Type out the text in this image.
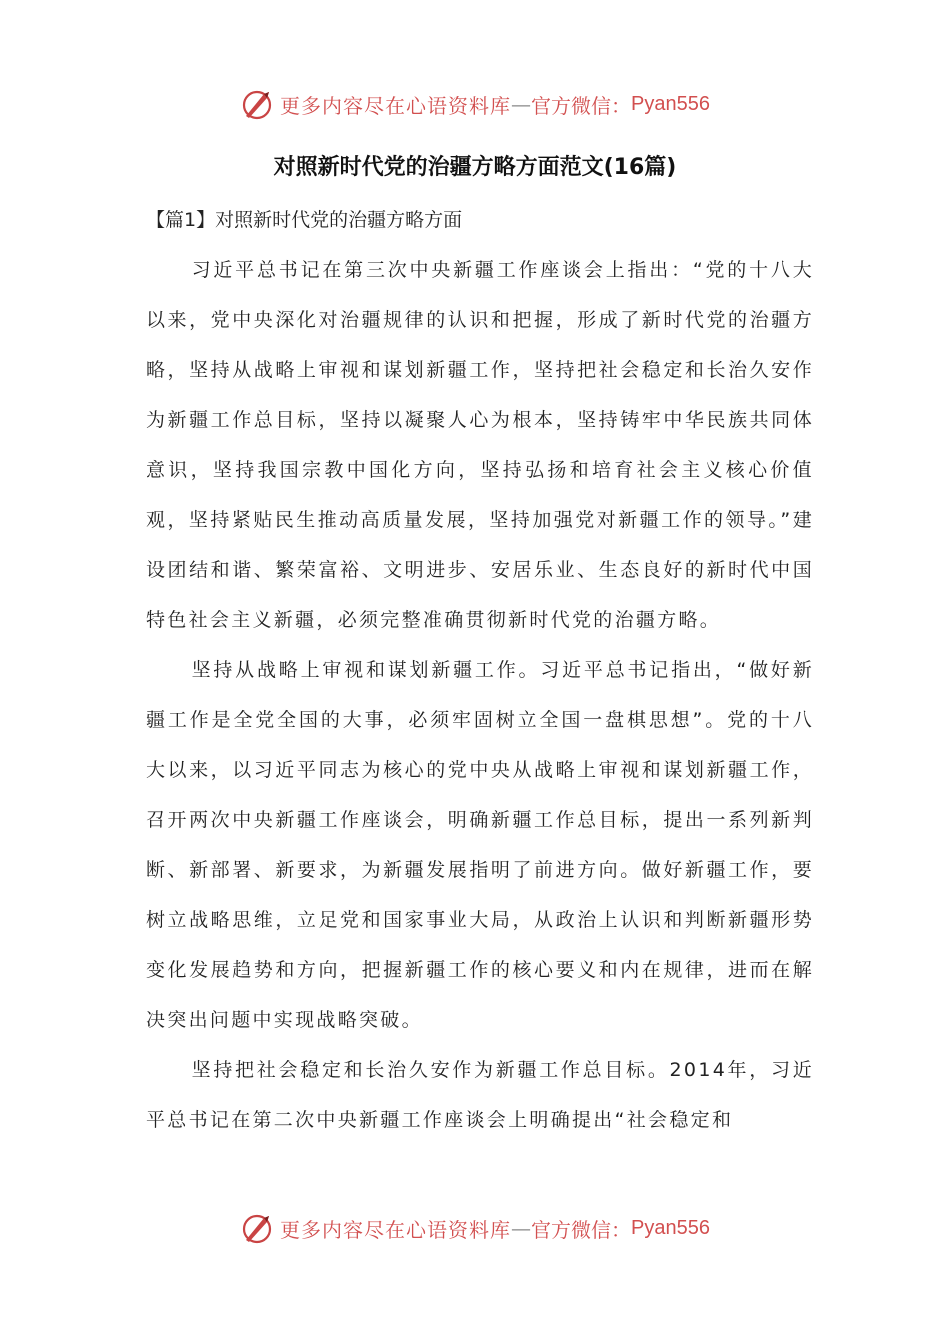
更多内容尽在心语资料库 — 官方微信： Pyan556
对照新时代党的治疆方略方面范文(16篇)
【篇1】对照新时代党的治疆方略方面

习近平总书记在第三次中央新疆工作座谈会上指出：“党的十八大以来，党中央深化对治疆规律的认识和把握，形成了新时代党的治疆方略，坚持从战略上审视和谋划新疆工作，坚持把社会稳定和长治久安作为新疆工作总目标，坚持以凝聚人心为根本，坚持铸牢中华民族共同体意识，坚持我国宗教中国化方向，坚持弘扬和培育社会主义核心价值观，坚持紧贴民生推动高质量发展，坚持加强党对新疆工作的领导。”建设团结和谐、繁荣富裕、文明进步、安居乐业、生态良好的新时代中国特色社会主义新疆，必须完整准确贯彻新时代党的治疆方略。

坚持从战略上审视和谋划新疆工作。习近平总书记指出，“做好新疆工作是全党全国的大事，必须牢固树立全国一盘棋思想”。党的十八大以来，以习近平同志为核心的党中央从战略上审视和谋划新疆工作，召开两次中央新疆工作座谈会，明确新疆工作总目标，提出一系列新判断、新部署、新要求，为新疆发展指明了前进方向。做好新疆工作，要树立战略思维，立足党和国家事业大局，从政治上认识和判断新疆形势变化发展趋势和方向，把握新疆工作的核心要义和内在规律，进而在解决突出问题中实现战略突破。

坚持把社会稳定和长治久安作为新疆工作总目标。2014年，习近平总书记在第二次中央新疆工作座谈会上明确提出“社会稳定和

更多内容尽在心语资料库 — 官方微信： Pyan556
